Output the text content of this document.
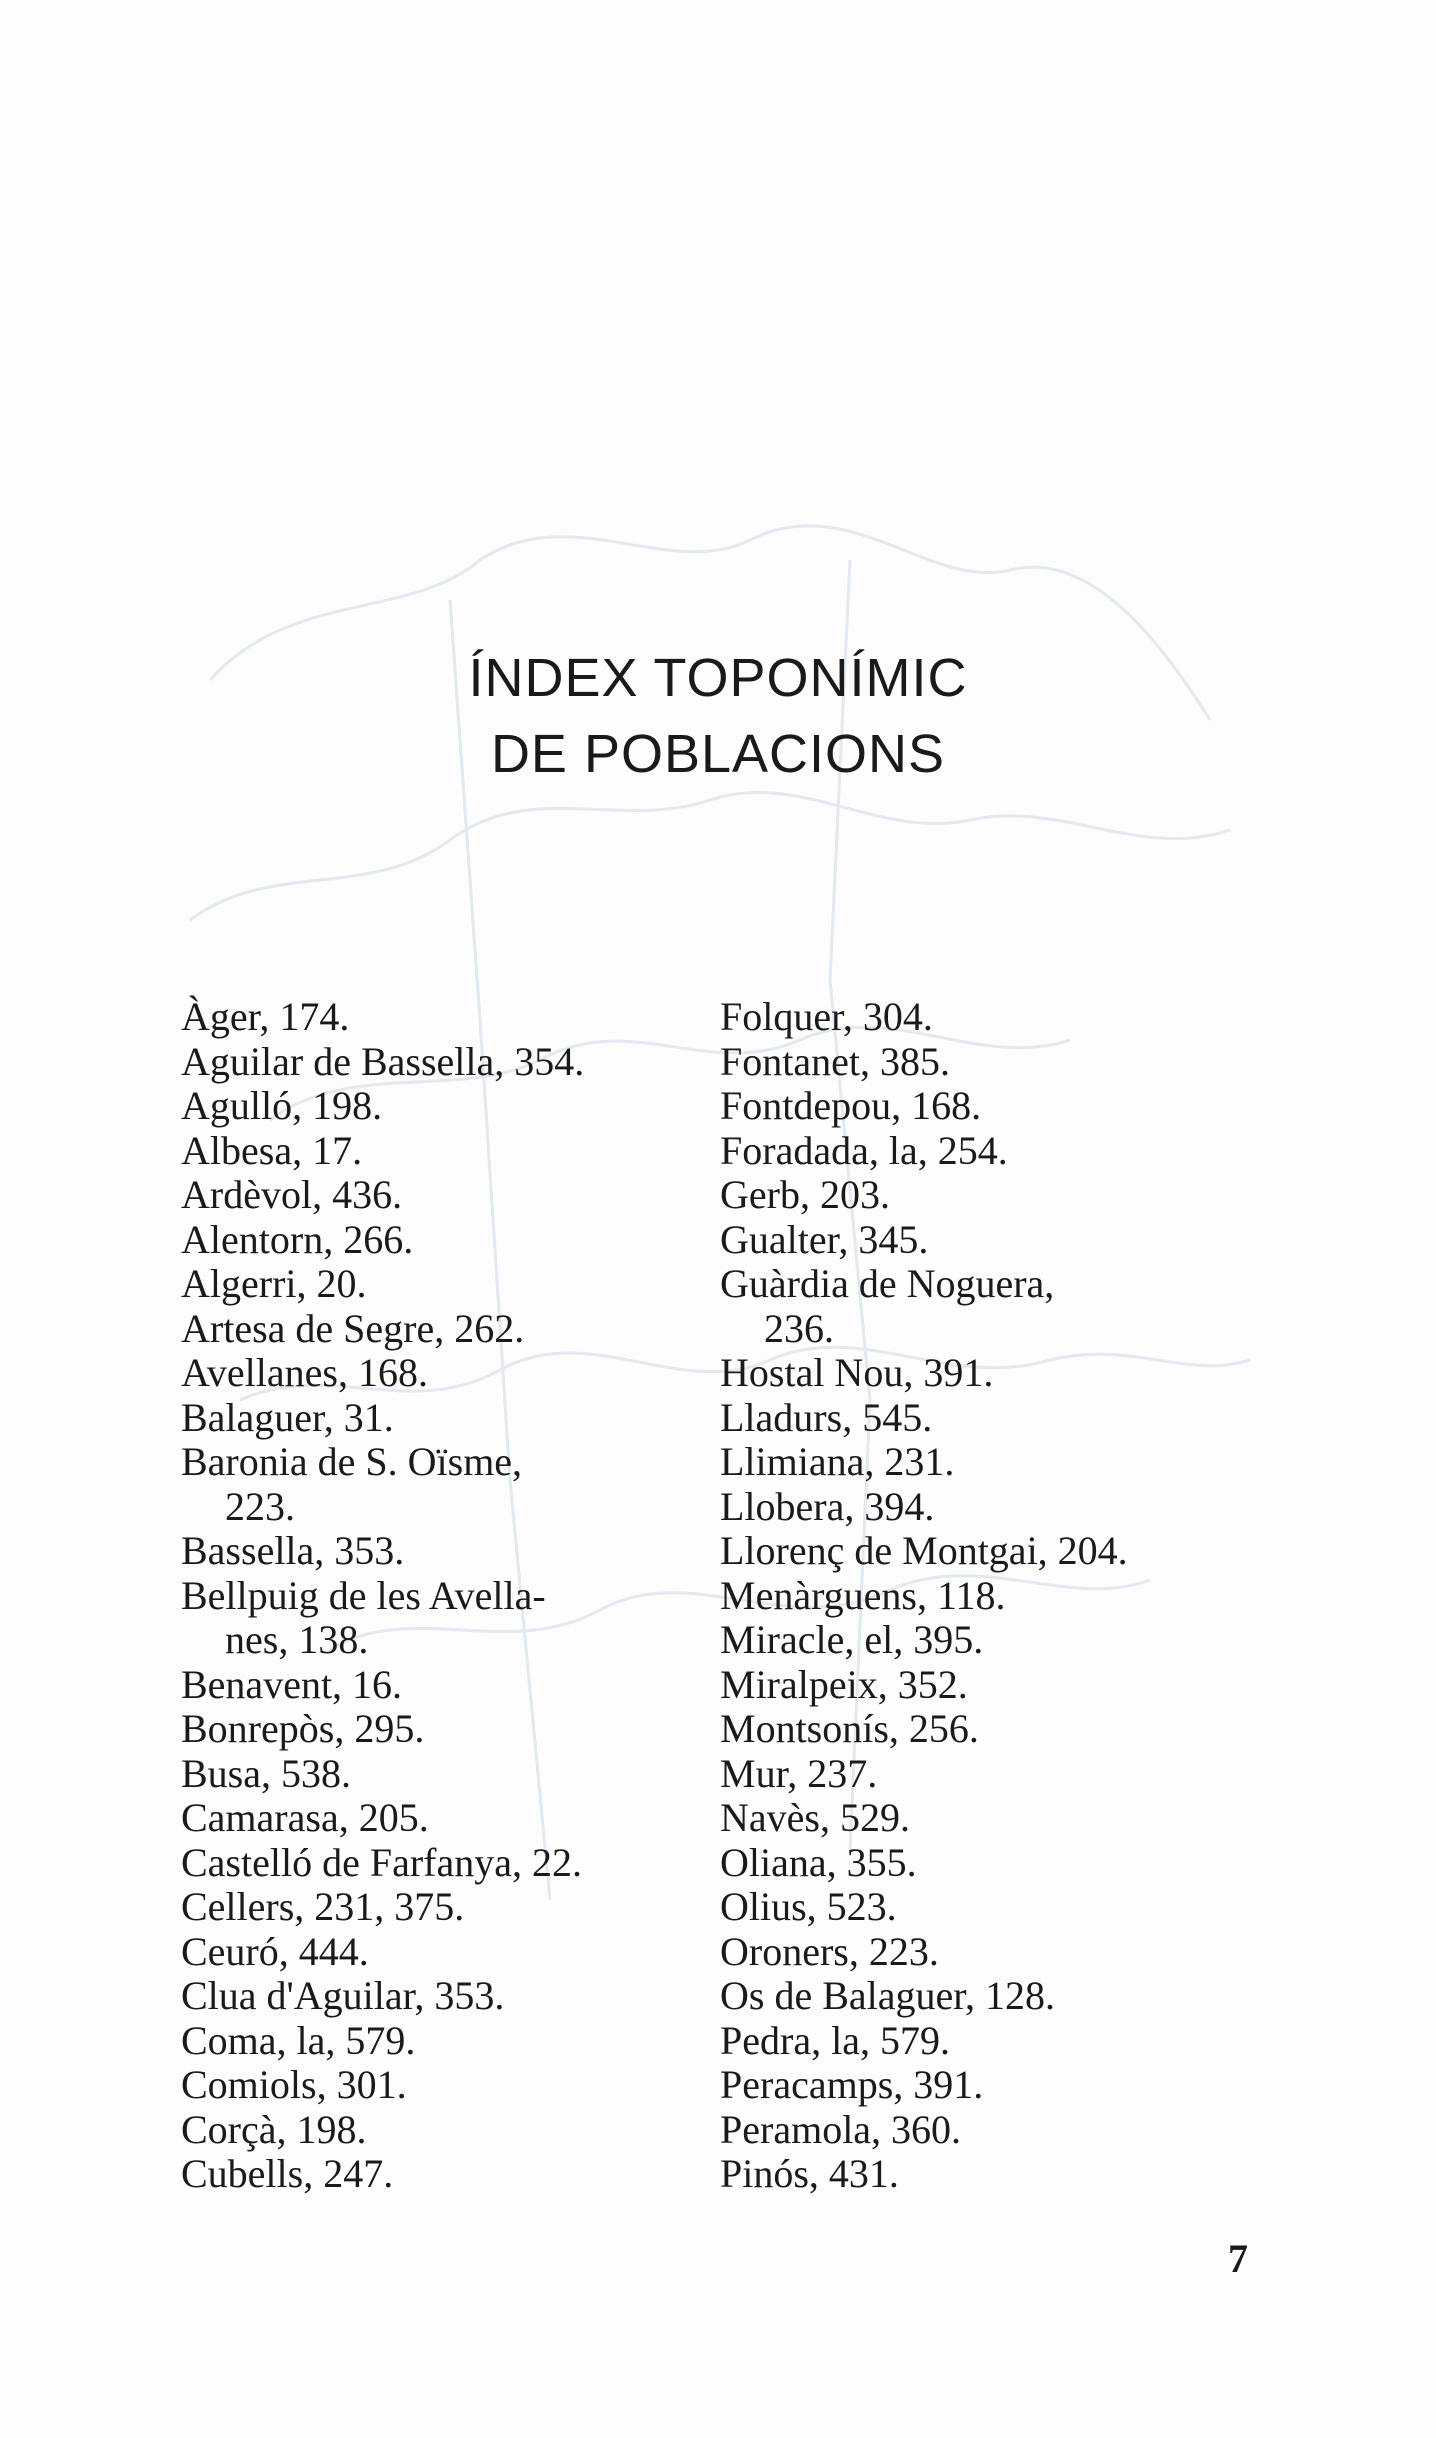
ÍNDEX TOPONÍMIC
DE POBLACIONS
Àger, 174.
Aguilar de Bassella, 354.
Agulló, 198.
Albesa, 17.
Ardèvol, 436.
Alentorn, 266.
Algerri, 20.
Artesa de Segre, 262.
Avellanes, 168.
Balaguer, 31.
Baronia de S. Oïsme,
223.
Bassella, 353.
Bellpuig de les Avella-
nes, 138.
Benavent, 16.
Bonrepòs, 295.
Busa, 538.
Camarasa, 205.
Castelló de Farfanya, 22.
Cellers, 231, 375.
Ceuró, 444.
Clua d'Aguilar, 353.
Coma, la, 579.
Comiols, 301.
Corçà, 198.
Cubells, 247.
Folquer, 304.
Fontanet, 385.
Fontdepou, 168.
Foradada, la, 254.
Gerb, 203.
Gualter, 345.
Guàrdia de Noguera,
236.
Hostal Nou, 391.
Lladurs, 545.
Llimiana, 231.
Llobera, 394.
Llorenç de Montgai, 204.
Menàrguens, 118.
Miracle, el, 395.
Miralpeix, 352.
Montsonís, 256.
Mur, 237.
Navès, 529.
Oliana, 355.
Olius, 523.
Oroners, 223.
Os de Balaguer, 128.
Pedra, la, 579.
Peracamps, 391.
Peramola, 360.
Pinós, 431.
7
